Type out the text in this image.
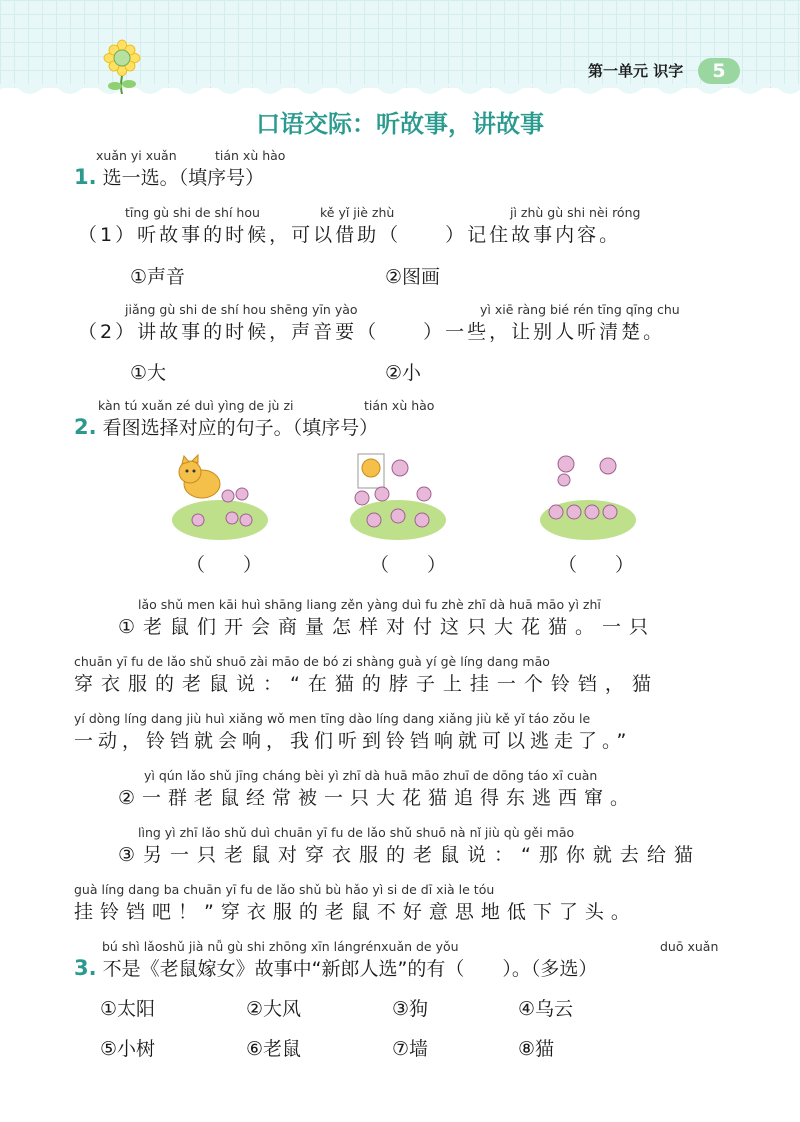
第一单元 识字	5
口语交际：听故事，讲故事
xuǎn yi xuǎn	tián xù hào
1. 选一选。（填序号）
tīng gù shi de shí hou	kě yǐ jiè zhù	jì zhù gù shi nèi róng
（1）听故事的时候，可以借助（　　）记住故事内容。
①声音	②图画
jiǎng gù shi de shí hou shēng yīn yào	yì xiē ràng bié rén tīng qīng chu
（2）讲故事的时候，声音要（　　）一些，让别人听清楚。
①大	②小
kàn tú xuǎn zé duì yìng de jù zi	tián xù hào
2. 看图选择对应的句子。（填序号）
（　　）	（　　）	（　　）
lǎo shǔ men kāi huì shāng liang zěn yàng duì fu zhè zhī dà huā māo yì zhī
①老鼠们开会商量怎样对付这只大花猫。一只
chuān yī fu de lǎo shǔ shuō zài māo de bó zi shàng guà yí gè líng dang māo
穿衣服的老鼠说：“在猫的脖子上挂一个铃铛，猫
yí dòng líng dang jiù huì xiǎng wǒ men tīng dào líng dang xiǎng jiù kě yǐ táo zǒu le
一动，铃铛就会响，我们听到铃铛响就可以逃走了。”
yì qún lǎo shǔ jīng cháng bèi yì zhī dà huā māo zhuī de dōng táo xī cuàn
②一群老鼠经常被一只大花猫追得东逃西窜。
lìng yì zhī lǎo shǔ duì chuān yī fu de lǎo shǔ shuō nà nǐ jiù qù gěi māo
③另一只老鼠对穿衣服的老鼠说：“那你就去给猫
guà líng dang ba chuān yī fu de lǎo shǔ bù hǎo yì si de dī xià le tóu
挂铃铛吧！”穿衣服的老鼠不好意思地低下了头。
bú shì lǎoshǔ jià nǚ gù shi zhōng xīn lángrénxuǎn de yǒu	duō xuǎn
3. 不是《老鼠嫁女》故事中“新郎人选”的有（　　）。（多选）
①太阳	②大风	③狗	④乌云
⑤小树	⑥老鼠	⑦墙	⑧猫
